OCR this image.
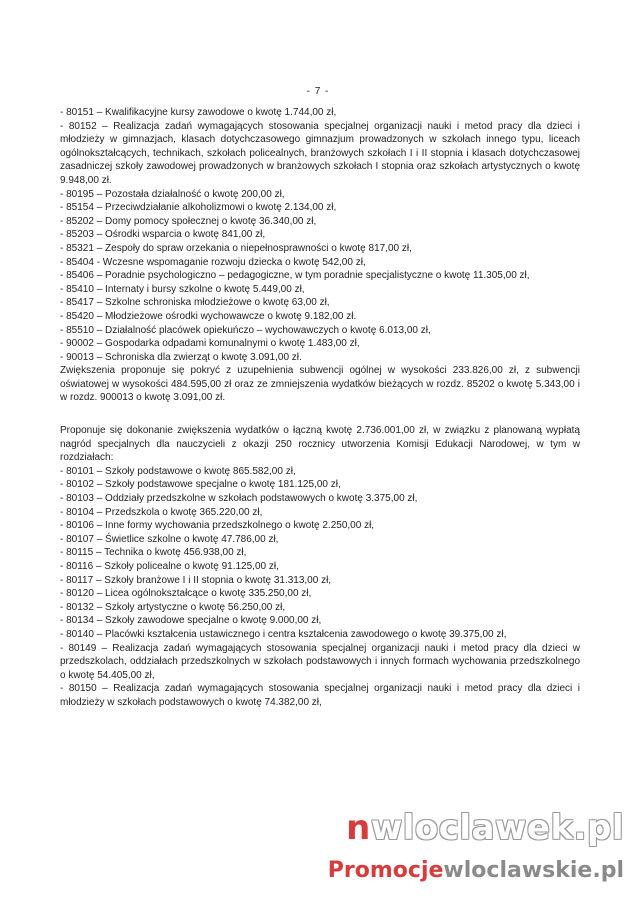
- 7 -

- 80151 – Kwalifikacyjne kursy zawodowe o kwotę 1.744,00 zł,

- 80152 – Realizacja zadań wymagających stosowania specjalnej organizacji nauki i metod pracy dla dzieci i młodzieży w gimnazjach, klasach dotychczasowego gimnazjum prowadzonych w szkołach innego typu, liceach ogólnokształcących, technikach, szkołach policealnych, branżowych szkołach I i II stopnia i klasach dotychczasowej zasadniczej szkoły zawodowej prowadzonych w branżowych szkołach I stopnia oraz szkołach artystycznych o kwotę 9.948,00 zł.

- 80195 – Pozostała działalność o kwotę 200,00 zł,

- 85154 – Przeciwdziałanie alkoholizmowi o kwotę 2.134,00 zł,

- 85202 – Domy pomocy społecznej o kwotę 36.340,00 zł,

- 85203 – Ośrodki wsparcia o kwotę 841,00 zł,

- 85321 – Zespoły do spraw orzekania o niepełnosprawności o kwotę 817,00 zł,

- 85404 - Wczesne wspomaganie rozwoju dziecka o kwotę 542,00 zł,

- 85406 – Poradnie psychologiczno – pedagogiczne, w tym poradnie specjalistyczne o kwotę 11.305,00 zł,

- 85410 – Internaty i bursy szkolne o kwotę 5.449,00 zł,

- 85417 – Szkolne schroniska młodzieżowe o kwotę 63,00 zł,

- 85420 – Młodzieżowe ośrodki wychowawcze o kwotę 9.182,00 zł.

- 85510 – Działalność placówek opiekuńczo – wychowawczych o kwotę 6.013,00 zł,

- 90002 – Gospodarka odpadami komunalnymi o kwotę 1.483,00 zł,

- 90013 – Schroniska dla zwierząt o kwotę 3.091,00 zł.

Zwiększenia proponuje się pokryć z uzupełnienia subwencji ogólnej w wysokości 233.826,00 zł, z subwencji oświatowej w wysokości 484.595,00 zł oraz ze zmniejszenia wydatków bieżących w rozdz. 85202 o kwotę 5.343,00 i w rozdz. 900013 o kwotę 3.091,00 zł.

Proponuje się dokonanie zwiększenia wydatków o łączną kwotę 2.736.001,00 zł, w związku z planowaną wypłatą nagród specjalnych dla nauczycieli z okazji 250 rocznicy utworzenia Komisji Edukacji Narodowej, w tym w rozdziałach:

- 80101 – Szkoły podstawowe o kwotę 865.582,00 zł,

- 80102 – Szkoły podstawowe specjalne o kwotę 181.125,00 zł,

- 80103 – Oddziały przedszkolne w szkołach podstawowych o kwotę 3.375,00 zł,

- 80104 – Przedszkola o kwotę 365.220,00 zł,

- 80106 – Inne formy wychowania przedszkolnego o kwotę 2.250,00 zł,

- 80107 – Świetlice szkolne o kwotę 47.786,00 zł,

- 80115 – Technika o kwotę 456.938,00 zł,

- 80116 – Szkoły policealne o kwotę 91.125,00 zł,

- 80117 – Szkoły branżowe I i II stopnia o kwotę 31.313,00 zł,

- 80120 – Licea ogólnokształcące o kwotę 335.250,00 zł,

- 80132 – Szkoły artystyczne o kwotę 56.250,00 zł,

- 80134 – Szkoły zawodowe specjalne o kwotę 9.000,00 zł,

- 80140 – Placówki kształcenia ustawicznego i centra kształcenia zawodowego o kwotę 39.375,00 zł,

- 80149 – Realizacja zadań wymagających stosowania specjalnej organizacji nauki i metod pracy dla dzieci w przedszkolach, oddziałach przedszkolnych w szkołach podstawowych i innych formach wychowania przedszkolnego o kwotę 54.405,00 zł,

- 80150 – Realizacja zadań wymagających stosowania specjalnej organizacji nauki i metod pracy dla dzieci i młodzieży w szkołach podstawowych o kwotę 74.382,00 zł,

nwloclawek.pl
Promocjewloclawskie.pl
